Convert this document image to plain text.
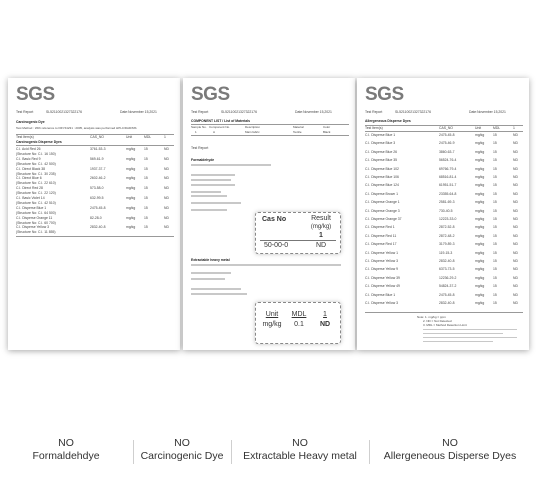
SGS
Test Report	SL52110021327322176	Date:November 15,2021
Carcinogenic Dye
Test Method : With reference to DIN 54231 : 2005, analysis was performed HPLC/DAD/MS
Test Item(s)	CAS_NO	Unit	MDL	1
Carcinogenic Disperse Dyes
C.I. Acid Red 26	3761-53-3	mg/kg	15	ND
(Structure No: C.I. 16 150)
C.I. Basic Red 9	569-61-9	mg/kg	15	ND
(Structure No: C.I. 42 500)
C.I. Direct Black 38	1937-37-7	mg/kg	15	ND
(Structure No: C.I. 30 235)
C.I. Direct Blue 6	2602-46-2	mg/kg	15	ND
(Structure No: C.I. 22 610)
C.I. Direct Red 28	573-58-0	mg/kg	15	ND
(Structure No: C.I. 22 120)
C.I. Basic Violet 14	632-99-5	mg/kg	15	ND
(Structure No: C.I. 42 510)
C.I. Disperse Blue 1	2475-45-8	mg/kg	15	ND
(Structure No: C.I. 64 500)
C.I. Disperse Orange 11	82-28-0	mg/kg	15	ND
(Structure No: C.I. 60 700)
C.I. Disperse Yellow 3	2832-40-8	mg/kg	15	ND
(Structure No: C.I. 11 855)
SGS
Test Report	SL52110021327322176	Date:November 15,2021
COMPONENT LIST / List of Materials
Sample No. Component No.	Description	Material	Color
1	A	Main fabric	Textile	Black
Test Report
Formaldehyde
Cas No	Result
(mg/kg)
1
50-00-0	ND
Extractable heavy metal
Unit	MDL	1
mg/kg	0.1	ND
SGS
Test Report	SL52110021327322176	Date:November 15,2021
Allergeneous Disperse Dyes
Test Item(s)	CAS_NO	Unit	MDL	1
C.I. Disperse Blue 1	2475-45-8	mg/kg	15	ND
C.I. Disperse Blue 3	2475-46-9	mg/kg	15	ND
C.I. Disperse Blue 26	3860-63-7	mg/kg	15	ND
C.I. Disperse Blue 35	56524-76-4	mg/kg	15	ND
C.I. Disperse Blue 102	69766-79-4	mg/kg	15	ND
C.I. Disperse Blue 106	68516-81-4	mg/kg	15	ND
C.I. Disperse Blue 124	61951-51-7	mg/kg	15	ND
C.I. Disperse Brown 1	23355-64-8	mg/kg	15	ND
C.I. Disperse Orange 1	2581-69-3	mg/kg	15	ND
C.I. Disperse Orange 3	730-40-5	mg/kg	15	ND
C.I. Disperse Orange 37	12223-33-0	mg/kg	15	ND
C.I. Disperse Red 1	2872-52-8	mg/kg	15	ND
C.I. Disperse Red 11	2872-48-2	mg/kg	15	ND
C.I. Disperse Red 17	3179-89-3	mg/kg	15	ND
C.I. Disperse Yellow 1	119-15-3	mg/kg	15	ND
C.I. Disperse Yellow 3	2832-40-8	mg/kg	15	ND
C.I. Disperse Yellow 9	6373-73-5	mg/kg	15	ND
C.I. Disperse Yellow 39	12236-29-2	mg/kg	15	ND
C.I. Disperse Yellow 49	54824-37-2	mg/kg	15	ND
C.I. Disperse Blue 1	2475-45-8	mg/kg	15	ND
C.I. Disperse Yellow 3	2832-40-8	mg/kg	15	ND
Note: 1. mg/kg = ppm
2. ND = Not Detected
3. MDL = Method Detection Limit
NO
Formaldehdye
NO
Carcinogenic Dye
NO
Extractable Heavy metal
NO
Allergeneous Disperse Dyes
